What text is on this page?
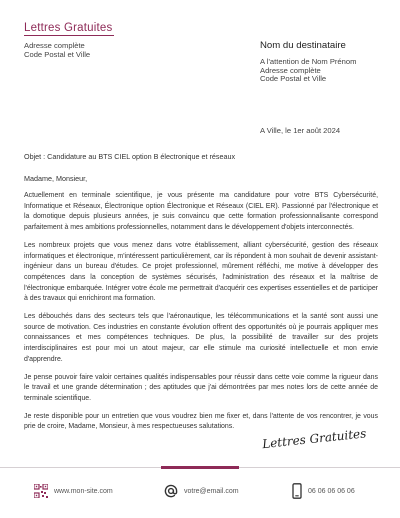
Lettres Gratuites
Adresse complète
Code Postal et Ville
Nom du destinataire
A l'attention de Nom Prénom
Adresse complète
Code Postal et Ville
A Ville, le 1er août 2024
Objet : Candidature au BTS CIEL option B électronique et réseaux
Madame, Monsieur,

Actuellement en terminale scientifique, je vous présente ma candidature pour votre BTS Cybersécurité, Informatique et Réseaux, Électronique option Électronique et Réseaux (CIEL ER). Passionné par l'électronique et la domotique depuis plusieurs années, je suis convaincu que cette formation professionnalisante correspond parfaitement à mes ambitions professionnelles, notamment dans le développement d'objets interconnectés.

Les nombreux projets que vous menez dans votre établissement, alliant cybersécurité, gestion des réseaux informatiques et électronique, m'intéressent particulièrement, car ils répondent à mon souhait de devenir assistant-ingénieur dans un bureau d'études. Ce projet professionnel, mûrement réfléchi, me motive à développer des compétences dans la conception de systèmes sécurisés, l'administration des réseaux et la maîtrise de l'électronique embarquée. Intégrer votre école me permettrait d'acquérir ces expertises essentielles et de participer à des travaux qui enrichiront ma formation.

Les débouchés dans des secteurs tels que l'aéronautique, les télécommunications et la santé sont aussi une source de motivation. Ces industries en constante évolution offrent des opportunités où je pourrais appliquer mes connaissances et mes compétences techniques. De plus, la possibilité de travailler sur des projets interdisciplinaires est pour moi un atout majeur, car elle stimule ma curiosité intellectuelle et mon envie d'apprendre.

Je pense pouvoir faire valoir certaines qualités indispensables pour réussir dans cette voie comme la rigueur dans le travail et une grande détermination ; des aptitudes que j'ai démontrées par mes notes lors de cette année de terminale scientifique.

Je reste disponible pour un entretien que vous voudrez bien me fixer et, dans l'attente de vos rencontrer, je vous prie de croire, Madame, Monsieur, à mes respectueuses salutations.	Lettres Gratuites
www.mon-site.com	votre@email.com	06 06 06 06 06
